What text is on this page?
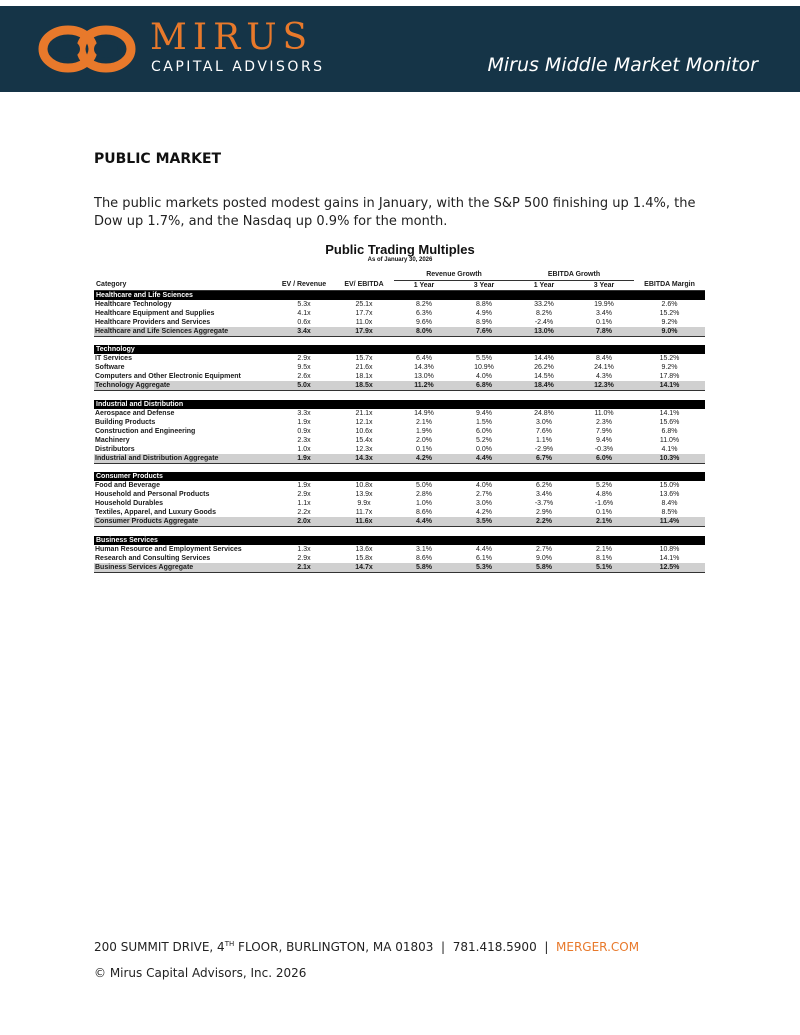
MIRUS
CAPITAL ADVISORS	Mirus Middle Market Monitor
PUBLIC MARKET
The public markets posted modest gains in January, with the S&P 500 finishing up 1.4%, the Dow up 1.7%, and the Nasdaq up 0.9% for the month.
Public Trading Multiples
As of January 30, 2026
			Revenue Growth		EBITDA Growth		
Category	EV / Revenue	EV/ EBITDA	1 Year	3 Year	1 Year	3 Year	EBITDA Margin
Healthcare and Life Sciences							
Healthcare Technology	5.3x	25.1x	8.2%	8.8%	33.2%	19.9%	2.6%
Healthcare Equipment and Supplies	4.1x	17.7x	6.3%	4.9%	8.2%	3.4%	15.2%
Healthcare Providers and Services	0.6x	11.0x	9.6%	8.9%	-2.4%	0.1%	9.2%
Healthcare and Life Sciences Aggregate	3.4x	17.9x	8.0%	7.6%	13.0%	7.8%	9.0%

Technology							
IT Services	2.9x	15.7x	6.4%	5.5%	14.4%	8.4%	15.2%
Software	9.5x	21.6x	14.3%	10.9%	26.2%	24.1%	9.2%
Computers and Other Electronic Equipment	2.6x	18.1x	13.0%	4.0%	14.5%	4.3%	17.8%
Technology Aggregate	5.0x	18.5x	11.2%	6.8%	18.4%	12.3%	14.1%

Industrial and Distribution							
Aerospace and Defense	3.3x	21.1x	14.9%	9.4%	24.8%	11.0%	14.1%
Building Products	1.9x	12.1x	2.1%	1.5%	3.0%	2.3%	15.6%
Construction and Engineering	0.9x	10.6x	1.9%	6.0%	7.6%	7.9%	6.8%
Machinery	2.3x	15.4x	2.0%	5.2%	1.1%	9.4%	11.0%
Distributors	1.0x	12.3x	0.1%	0.0%	-2.9%	-0.3%	4.1%
Industrial and Distribution Aggregate	1.9x	14.3x	4.2%	4.4%	6.7%	6.0%	10.3%

Consumer Products							
Food and Beverage	1.9x	10.8x	5.0%	4.0%	6.2%	5.2%	15.0%
Household and Personal Products	2.9x	13.9x	2.8%	2.7%	3.4%	4.8%	13.6%
Household Durables	1.1x	9.9x	1.0%	3.0%	-3.7%	-1.6%	8.4%
Textiles, Apparel, and Luxury Goods	2.2x	11.7x	8.6%	4.2%	2.9%	0.1%	8.5%
Consumer Products Aggregate	2.0x	11.6x	4.4%	3.5%	2.2%	2.1%	11.4%

Business Services							
Human Resource and Employment Services	1.3x	13.6x	3.1%	4.4%	2.7%	2.1%	10.8%
Research and Consulting Services	2.9x	15.8x	8.6%	6.1%	9.0%	8.1%	14.1%
Business Services Aggregate	2.1x	14.7x	5.8%	5.3%	5.8%	5.1%	12.5%
200 SUMMIT DRIVE, 4TH FLOOR, BURLINGTON, MA 01803  |  781.418.5900  |  MERGER.COM
© Mirus Capital Advisors, Inc. 2026
